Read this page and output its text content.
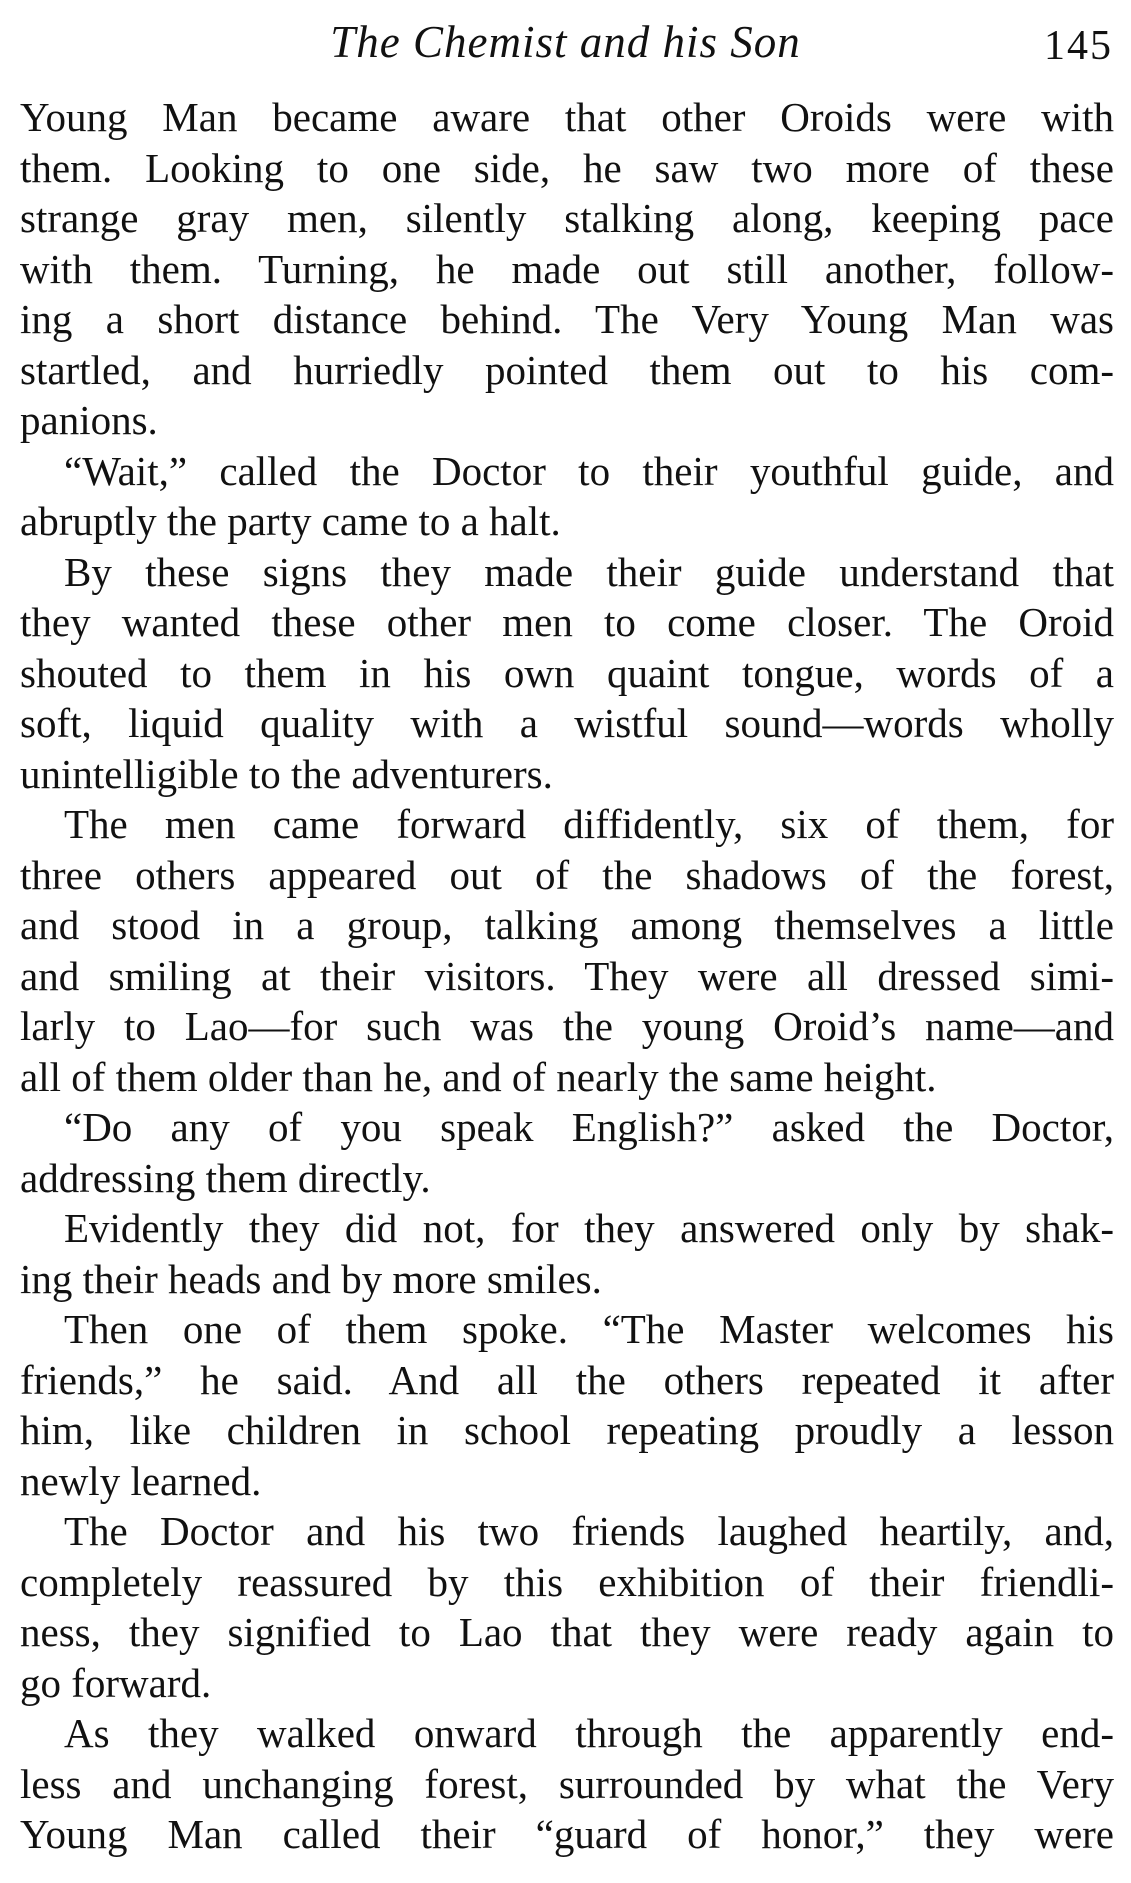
The Chemist and his Son	145

Young Man became aware that other Oroids were with
them. Looking to one side, he saw two more of these
strange gray men, silently stalking along, keeping pace
with them. Turning, he made out still another, follow-
ing a short distance behind. The Very Young Man was
startled, and hurriedly pointed them out to his com-
panions.

“Wait,” called the Doctor to their youthful guide, and
abruptly the party came to a halt.

By these signs they made their guide understand that
they wanted these other men to come closer. The Oroid
shouted to them in his own quaint tongue, words of a
soft, liquid quality with a wistful sound—words wholly
unintelligible to the adventurers.

The men came forward diffidently, six of them, for
three others appeared out of the shadows of the forest,
and stood in a group, talking among themselves a little
and smiling at their visitors. They were all dressed simi-
larly to Lao—for such was the young Oroid’s name—and
all of them older than he, and of nearly the same height.

“Do any of you speak English?” asked the Doctor,
addressing them directly.

Evidently they did not, for they answered only by shak-
ing their heads and by more smiles.

Then one of them spoke. “The Master welcomes his
friends,” he said. And all the others repeated it after
him, like children in school repeating proudly a lesson
newly learned.

The Doctor and his two friends laughed heartily, and,
completely reassured by this exhibition of their friendli-
ness, they signified to Lao that they were ready again to
go forward.

As they walked onward through the apparently end-
less and unchanging forest, surrounded by what the Very
Young Man called their “guard of honor,” they were
